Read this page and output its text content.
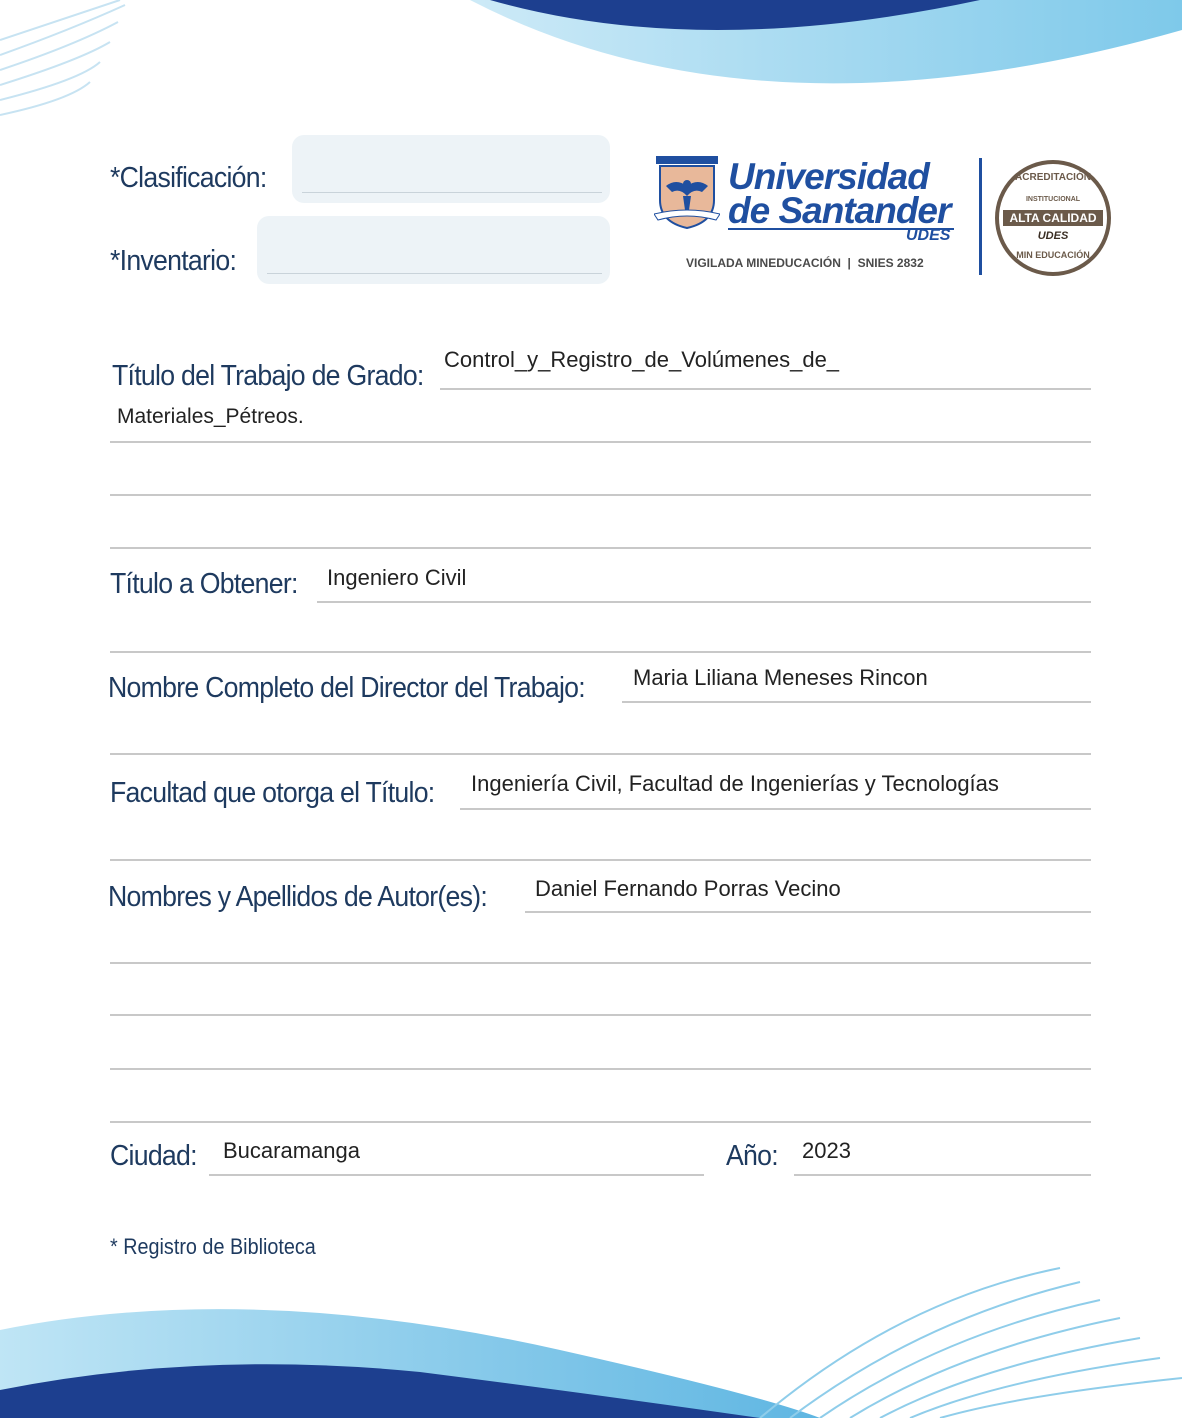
*Clasificación:
*Inventario:
Universidad
de Santander
UDES
VIGILADA MINEDUCACIÓN  |  SNIES 2832
ACREDITACIÓN
INSTITUCIONAL
ALTA CALIDAD
UDES
MIN EDUCACIÓN
Título del Trabajo de Grado:
Control_y_Registro_de_Volúmenes_de_
Materiales_Pétreos.
Título a Obtener: Ingeniero Civil
Nombre Completo del Director del Trabajo: Maria Liliana Meneses Rincon
Facultad que otorga el Título: Ingeniería Civil, Facultad de Ingenierías y Tecnologías
Nombres y Apellidos de Autor(es): Daniel Fernando Porras Vecino
Ciudad: Bucaramanga	Año: 2023
* Registro de Biblioteca
